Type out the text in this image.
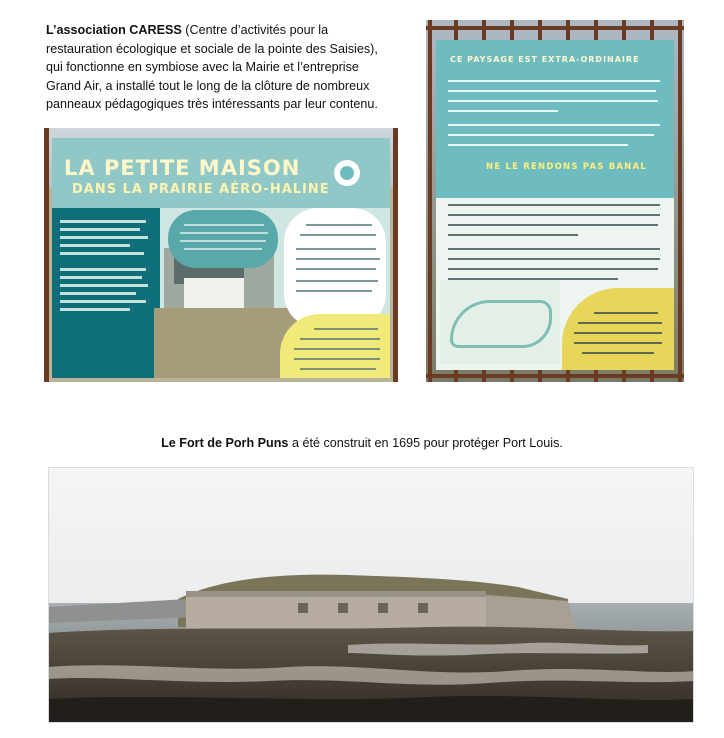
L’association CARESS (Centre d’activités pour la restauration écologique et sociale de la pointe des Saisies), qui fonctionne en symbiose avec la Mairie et l’entreprise Grand Air, a installé tout le long de la clôture de nombreux panneaux pédagogiques très intéressants par leur contenu.
LA PETITE MAISON
DANS LA PRAIRIE AÉRO-HALINE
CE PAYSAGE EST EXTRA-ORDINAIRE
NE LE RENDONS PAS BANAL
Le Fort de Porh Puns a été construit en 1695 pour protéger Port Louis.
